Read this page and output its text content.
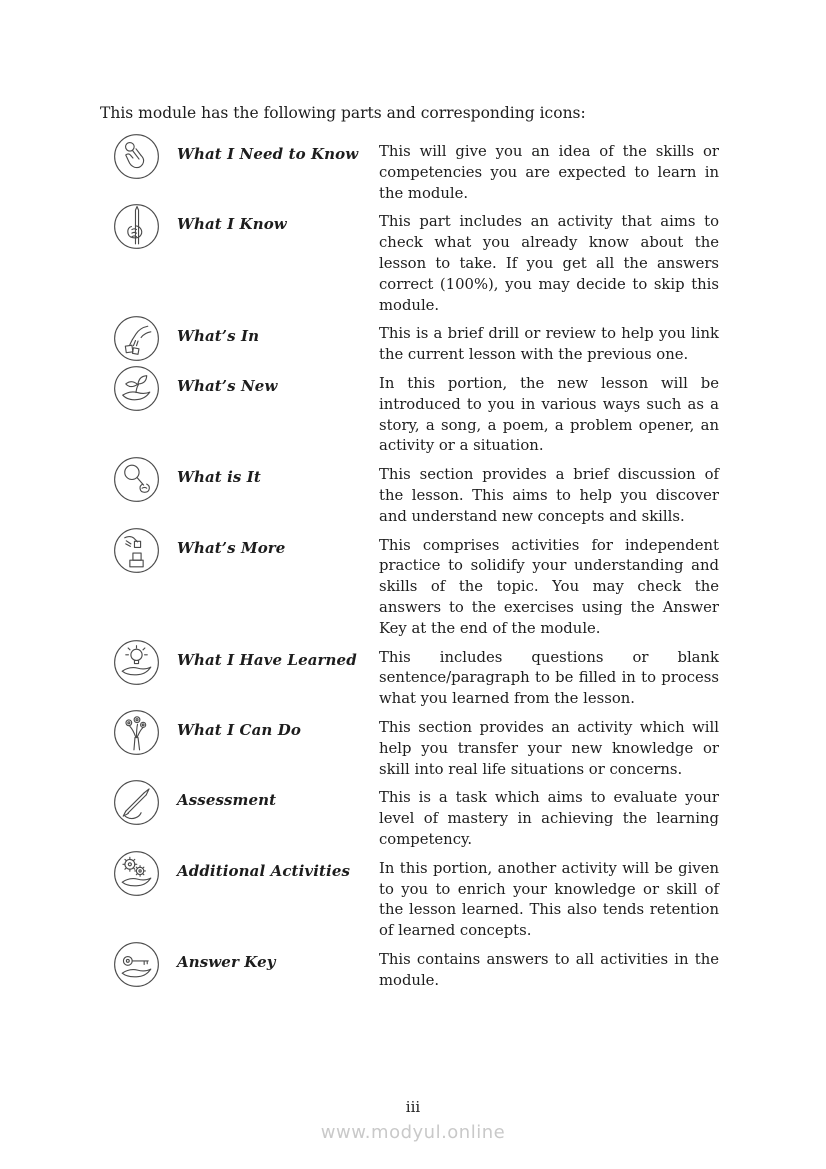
This module has the following parts and corresponding icons:

What I Need to Know	This will give you an idea of the skills or competencies you are expected to learn in the module.
What I Know	This part includes an activity that aims to check what you already know about the lesson to take. If you get all the answers correct (100%), you may decide to skip this module.
What’s In	This is a brief drill or review to help you link the current lesson with the previous one.
What’s New	In this portion, the new lesson will be introduced to you in various ways such as a story, a song, a poem, a problem opener, an activity or a situation.
What is It	This section provides a brief discussion of the lesson. This aims to help you discover and understand new concepts and skills.
What’s More	This comprises activities for independent practice to solidify your understanding and skills of the topic. You may check the answers to the exercises using the Answer Key at the end of the module.
What I Have Learned	This includes questions or blank sentence/paragraph to be filled in to process what you learned from the lesson.
What I Can Do	This section provides an activity which will help you transfer your new knowledge or skill into real life situations or concerns.
Assessment	This is a task which aims to evaluate your level of mastery in achieving the learning competency.
Additional Activities	In this portion, another activity will be given to you to enrich your knowledge or skill of the lesson learned. This also tends retention of learned concepts.
Answer Key	This contains answers to all activities in the module.
iii
www.modyul.online
